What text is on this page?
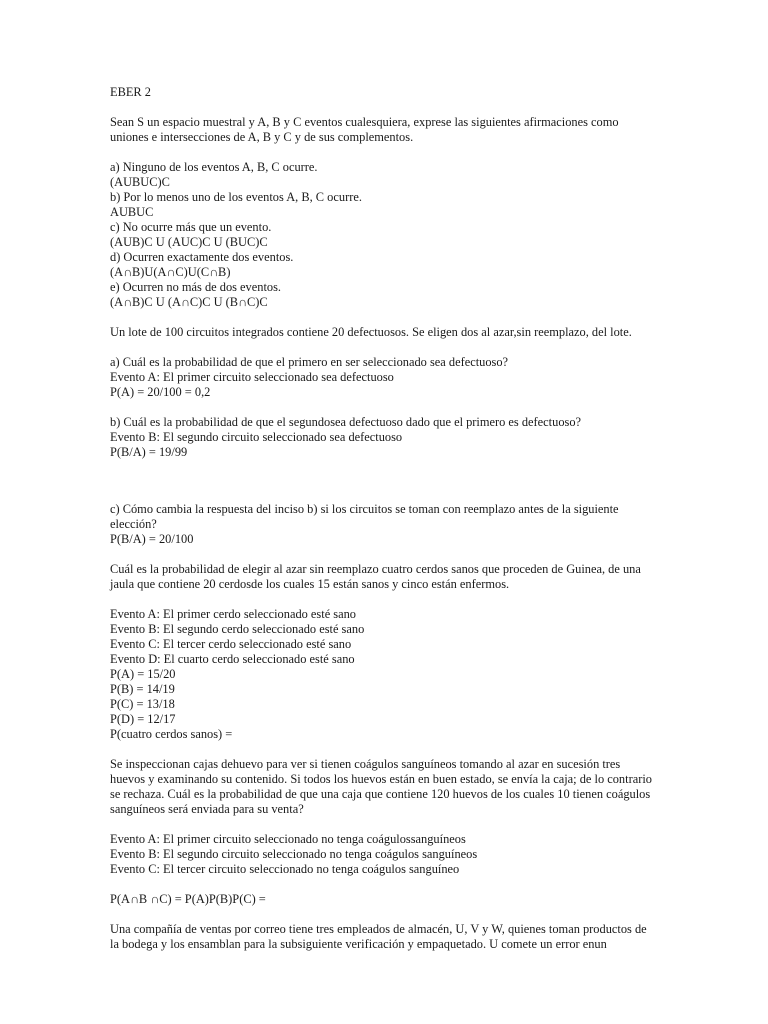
EBER 2

Sean S un espacio muestral y A, B y C eventos cualesquiera, exprese las siguientes afirmaciones como uniones e intersecciones de A, B y C y de sus complementos.

a) Ninguno de los eventos A, B, C ocurre.

(AUBUC)C

b) Por lo menos uno de los eventos A, B, C ocurre.

AUBUC

c) No ocurre más que un evento.

(AUB)C U (AUC)C U (BUC)C

d) Ocurren exactamente dos eventos.

(A∩B)U(A∩C)U(C∩B)

e) Ocurren no más de dos eventos.

(A∩B)C U (A∩C)C U (B∩C)C

Un lote de 100 circuitos integrados contiene 20 defectuosos. Se eligen dos al azar,sin reemplazo, del lote.

a) Cuál es la probabilidad de que el primero en ser seleccionado sea defectuoso?

Evento A: El primer circuito seleccionado sea defectuoso

P(A) = 20/100 = 0,2

b) Cuál es la probabilidad de que el segundosea defectuoso dado que el primero es defectuoso?

Evento B: El segundo circuito seleccionado sea defectuoso

P(B/A) = 19/99

c) Cómo cambia la respuesta del inciso b) si los circuitos se toman con reemplazo antes de la siguiente elección?

P(B/A) = 20/100

Cuál es la probabilidad de elegir al azar sin reemplazo cuatro cerdos sanos que proceden de Guinea, de una jaula que contiene 20 cerdosde los cuales 15 están sanos y cinco están enfermos.

Evento A: El primer cerdo seleccionado esté sano

Evento B: El segundo cerdo seleccionado esté sano

Evento C: El tercer cerdo seleccionado esté sano

Evento D: El cuarto cerdo seleccionado esté sano

P(A) = 15/20

P(B) = 14/19

P(C) = 13/18

P(D) = 12/17

P(cuatro cerdos sanos) =

Se inspeccionan cajas dehuevo para ver si tienen coágulos sanguíneos tomando al azar en sucesión tres huevos y examinando su contenido. Si todos los huevos están en buen estado, se envía la caja; de lo contrario se rechaza. Cuál es la probabilidad de que una caja que contiene 120 huevos de los cuales 10 tienen coágulos sanguíneos será enviada para su venta?

Evento A: El primer circuito seleccionado no tenga coágulossanguíneos

Evento B: El segundo circuito seleccionado no tenga coágulos sanguíneos

Evento C: El tercer circuito seleccionado no tenga coágulos sanguíneo

P(A∩B ∩C) = P(A)P(B)P(C) =

Una compañía de ventas por correo tiene tres empleados de almacén, U, V y W, quienes toman productos de la bodega y los ensamblan para la subsiguiente verificación y empaquetado. U comete un error enun
